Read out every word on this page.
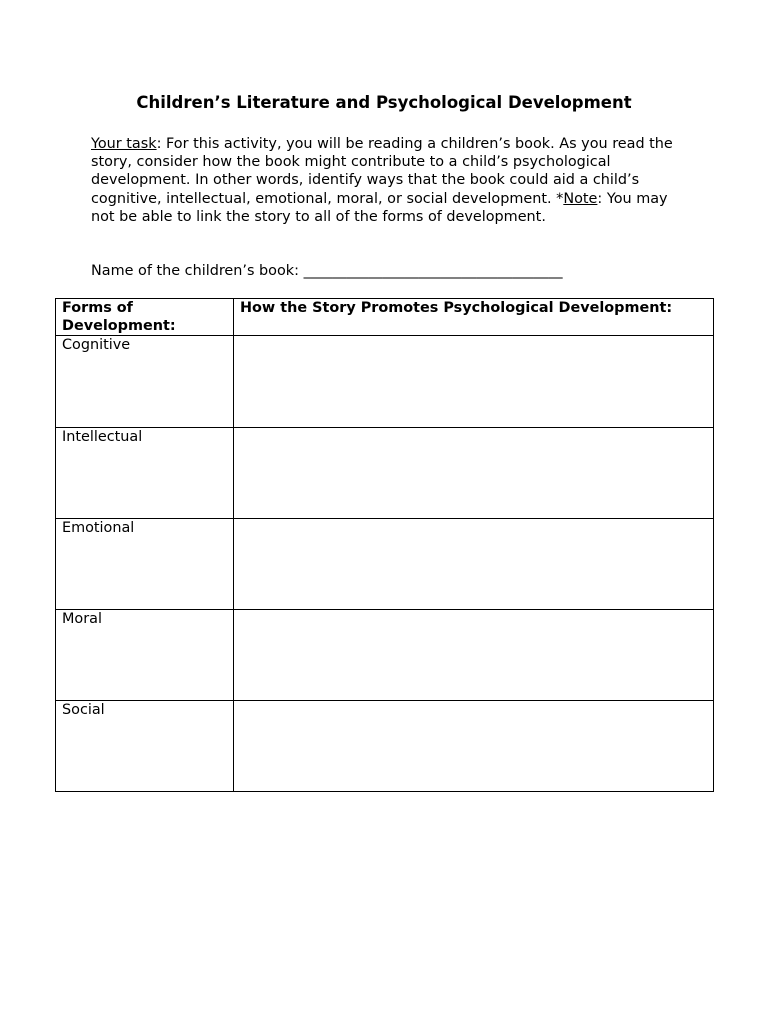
Children’s Literature and Psychological Development

Your task: For this activity, you will be reading a children’s book. As you read the story, consider how the book might contribute to a child’s psychological development. In other words, identify ways that the book could aid a child’s cognitive, intellectual, emotional, moral, or social development. *Note: You may not be able to link the story to all of the forms of development.

Name of the children’s book: ____________________________________

Forms of Development:	How the Story Promotes Psychological Development:
Cognitive	
Intellectual	
Emotional	
Moral	
Social	
